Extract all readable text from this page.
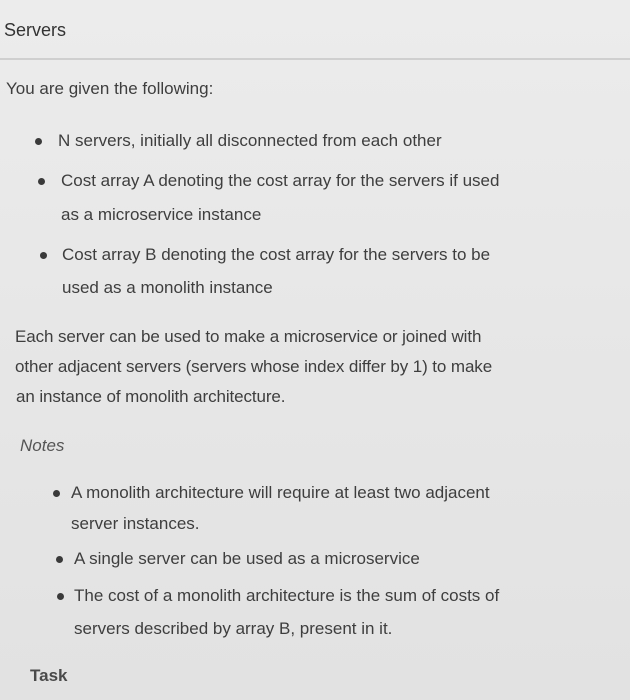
Servers
You are given the following:
N servers, initially all disconnected from each other
Cost array A denoting the cost array for the servers if used
as a microservice instance
Cost array B denoting the cost array for the servers to be
used as a monolith instance
Each server can be used to make a microservice or joined with
other adjacent servers (servers whose index differ by 1) to make
an instance of monolith architecture.
Notes
A monolith architecture will require at least two adjacent
server instances.
A single server can be used as a microservice
The cost of a monolith architecture is the sum of costs of
servers described by array B, present in it.
Task
